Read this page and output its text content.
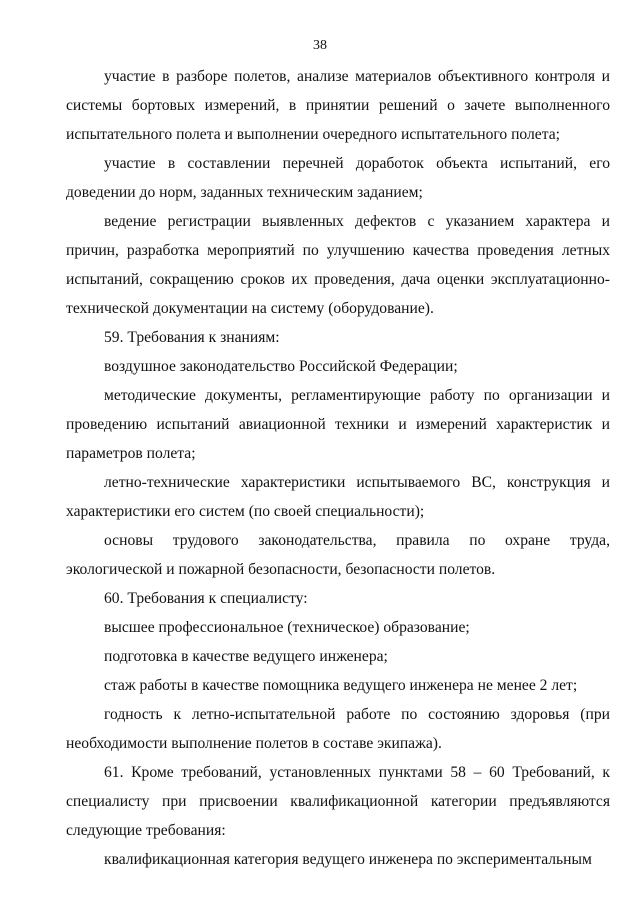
38

участие в разборе полетов, анализе материалов объективного контроля и системы бортовых измерений, в принятии решений о зачете выполненного испытательного полета и выполнении очередного испытательного полета;

участие в составлении перечней доработок объекта испытаний, его доведении до норм, заданных техническим заданием;

ведение регистрации выявленных дефектов с указанием характера и причин, разработка мероприятий по улучшению качества проведения летных испытаний, сокращению сроков их проведения, дача оценки эксплуатационно-технической документации на систему (оборудование).

59. Требования к знаниям:

воздушное законодательство Российской Федерации;

методические документы, регламентирующие работу по организации и проведению испытаний авиационной техники и измерений характеристик и параметров полета;

летно-технические характеристики испытываемого ВС, конструкция и характеристики его систем (по своей специальности);

основы трудового законодательства, правила по охране труда, экологической и пожарной безопасности, безопасности полетов.

60. Требования к специалисту:

высшее профессиональное (техническое) образование;

подготовка в качестве ведущего инженера;

стаж работы в качестве помощника ведущего инженера не менее 2 лет;

годность к летно-испытательной работе по состоянию здоровья (при необходимости выполнение полетов в составе экипажа).

61. Кроме требований, установленных пунктами 58 – 60 Требований, к специалисту при присвоении квалификационной категории предъявляются следующие требования:

квалификационная категория ведущего инженера по экспериментальным
